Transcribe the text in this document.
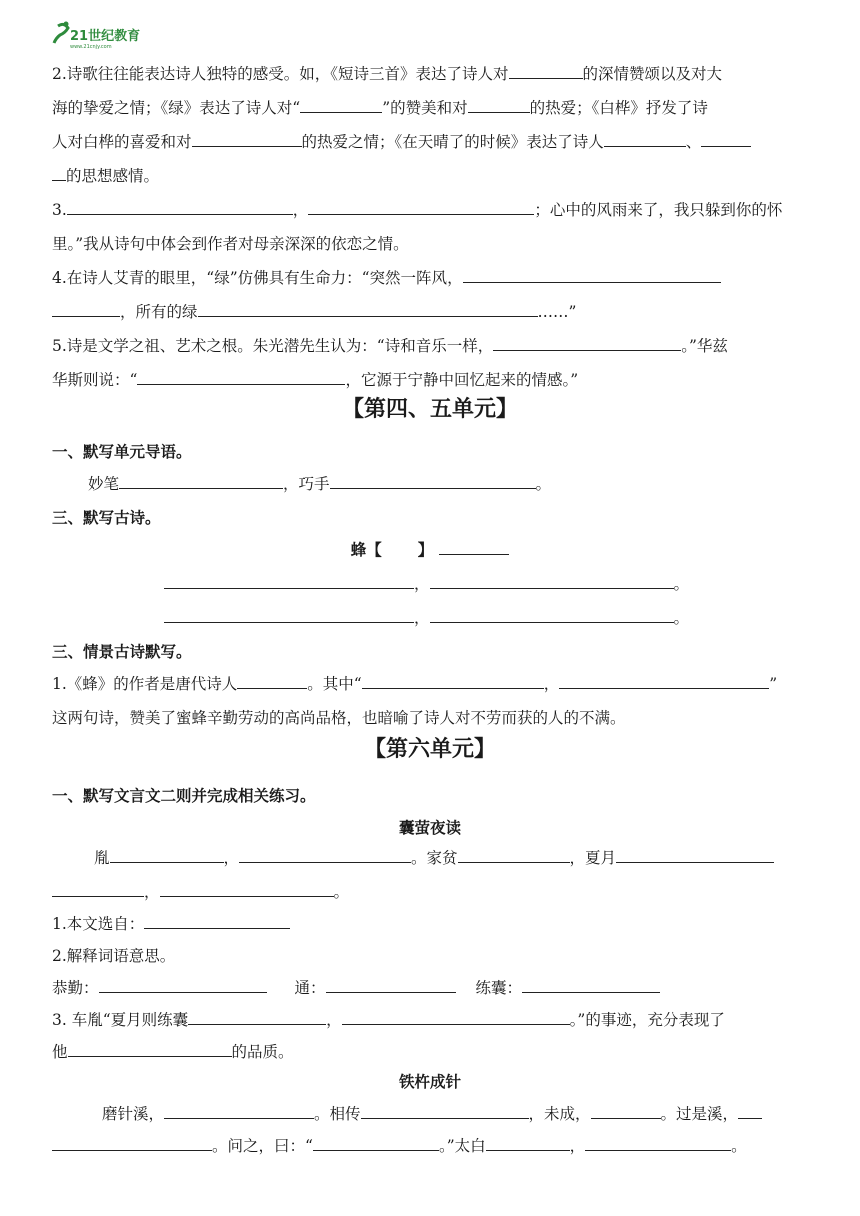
21世纪教育
www.21cnjy.com
2.诗歌往往能表达诗人独特的感受。如，《短诗三首》表达了诗人对	的深情赞颂以及对大
海的挚爱之情；《绿》表达了诗人对“	”的赞美和对	的热爱；《白桦》抒发了诗
人对白桦的喜爱和对	的热爱之情；《在天晴了的时候》表达了诗人	、
的思想感情。
3.	，	；心中的风雨来了，我只躲到你的怀
里。”我从诗句中体会到作者对母亲深深的依恋之情。
4.在诗人艾青的眼里，“绿”仿佛具有生命力：“突然一阵风，
，所有的绿	……”
5.诗是文学之祖、艺术之根。朱光潜先生认为：“诗和音乐一样，	。”华兹
华斯则说：“	，它源于宁静中回忆起来的情感。”
【第四、五单元】
一、默写单元导语。
妙笔	，巧手	。
三、默写古诗。
蜂【 】
，	。
，	。
三、情景古诗默写。
1.《蜂》的作者是唐代诗人	。其中“	，	”
这两句诗，赞美了蜜蜂辛勤劳动的高尚品格，也暗喻了诗人对不劳而获的人的不满。
【第六单元】
一、默写文言文二则并完成相关练习。
囊萤夜读
胤	，	。家贫	，夏月
，	。
1.本文选自：
2.解释词语意思。
恭勤：	通：	练囊：
3. 车胤“夏月则练囊	，	。”的事迹，充分表现了
他	的品质。
铁杵成针
磨针溪，	。相传	，未成，	。过是溪，
。问之，曰：“	。”太白	，	。
